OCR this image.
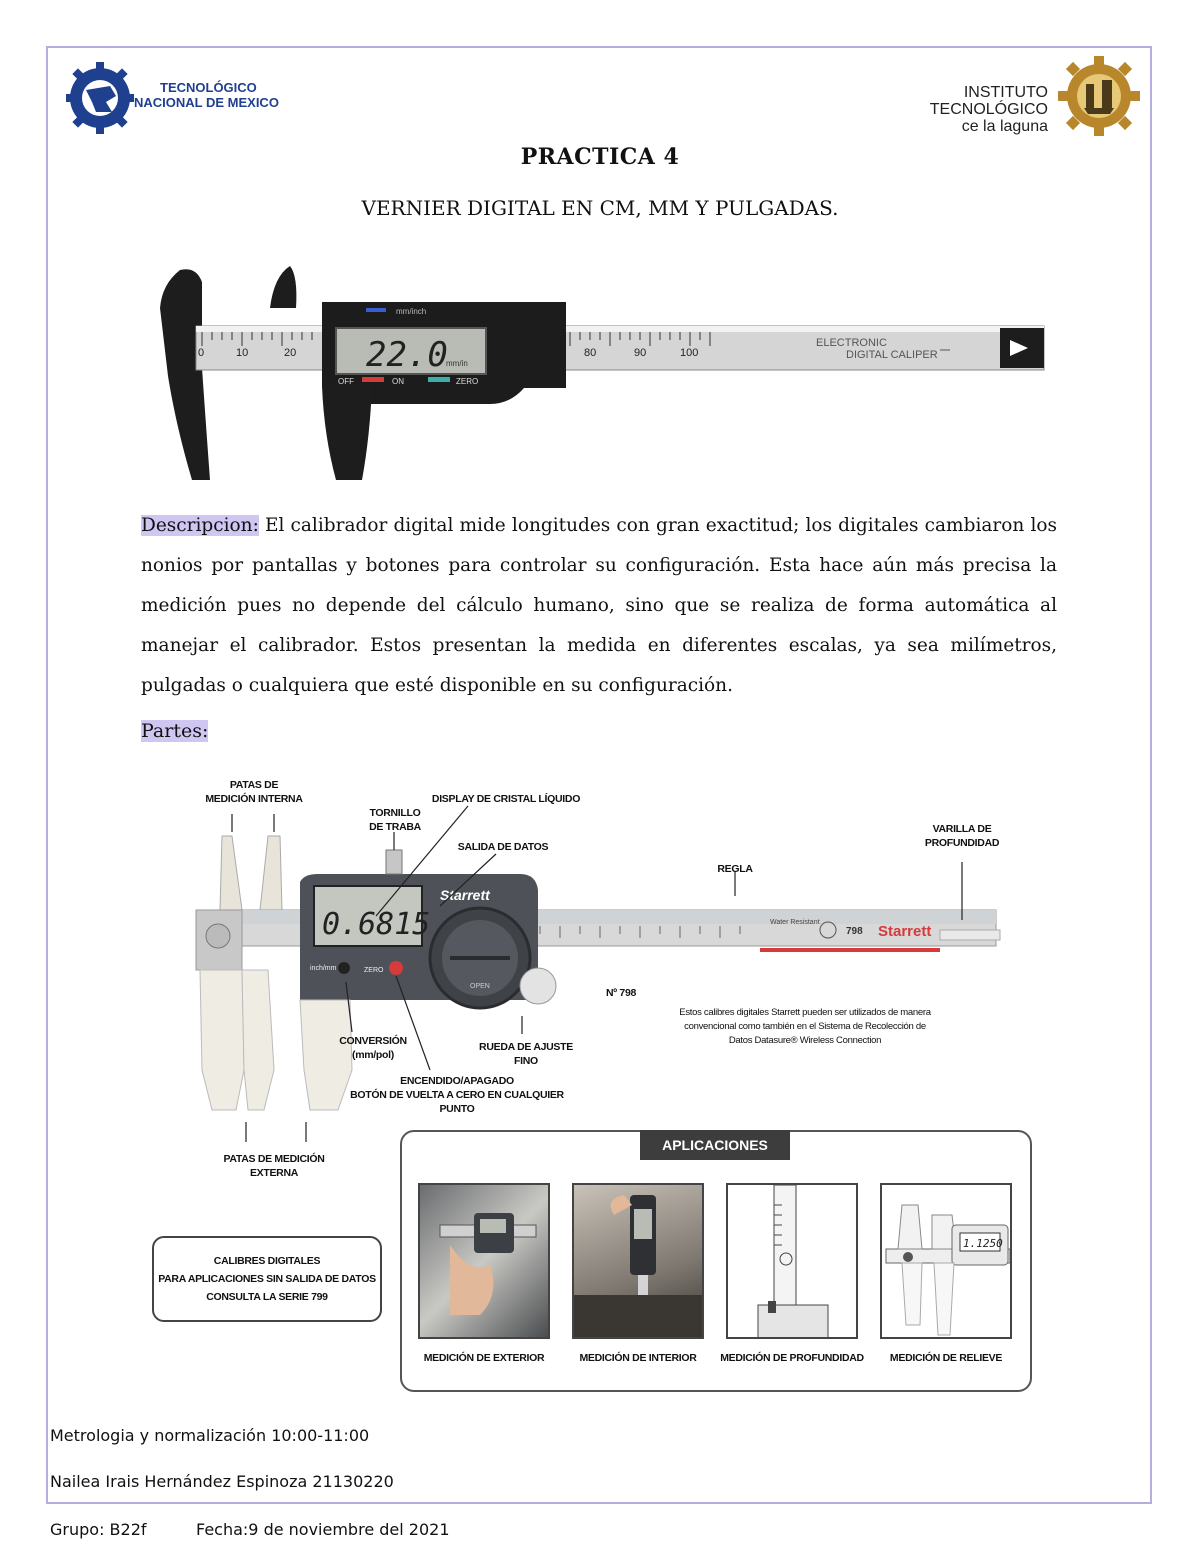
TECNOLÓGICO
NACIONAL DE MEXICO
INSTITUTO TECNOLÓGICO
ce la laguna
PRACTICA 4
VERNIER DIGITAL EN CM, MM Y PULGADAS.
0	10	20	80	90	100
ELECTRONIC
DIGITAL CALIPER
mm/inch
22.0
mm/in
OFF	ON	ZERO
Descripcion: El calibrador digital mide longitudes con gran exactitud; los digitales cambiaron los nonios por pantallas y botones para controlar su configuración. Esta hace aún más precisa la medición pues no depende del cálculo humano, sino que se realiza de forma automática al manejar el calibrador. Estos presentan la medida en diferentes escalas, ya sea milímetros, pulgadas o cualquiera que esté disponible en su configuración.
Partes:
Water Resistant
798 Starrett
0.6815
Starrett
OPEN
inch/mm	ZERO
PATAS DE
MEDICIÓN INTERNA
TORNILLO
DE TRABA
DISPLAY DE CRISTAL LÍQUIDO
SALIDA DE DATOS
REGLA
VARILLA DE
PROFUNDIDAD
CONVERSIÓN
(mm/pol)
RUEDA DE AJUSTE FINO
ENCENDIDO/APAGADO
BOTÓN DE VUELTA A CERO EN CUALQUIER PUNTO
Nº 798
Estos calibres digitales Starrett pueden ser utilizados de manera
convencional como también en el Sistema de Recolección de
Datos Datasure® Wireless Connection
PATAS DE MEDICIÓN
EXTERNA
CALIBRES DIGITALES
PARA APLICACIONES SIN SALIDA DE DATOS
CONSULTA LA SERIE 799
APLICACIONES
1.1250
MEDICIÓN DE EXTERIOR	MEDICIÓN DE INTERIOR	MEDICIÓN DE PROFUNDIDAD	MEDICIÓN DE RELIEVE
Metrologia y normalización 10:00-11:00
Nailea Irais Hernández Espinoza 21130220
Grupo: B22f	Fecha:9 de noviembre del 2021
